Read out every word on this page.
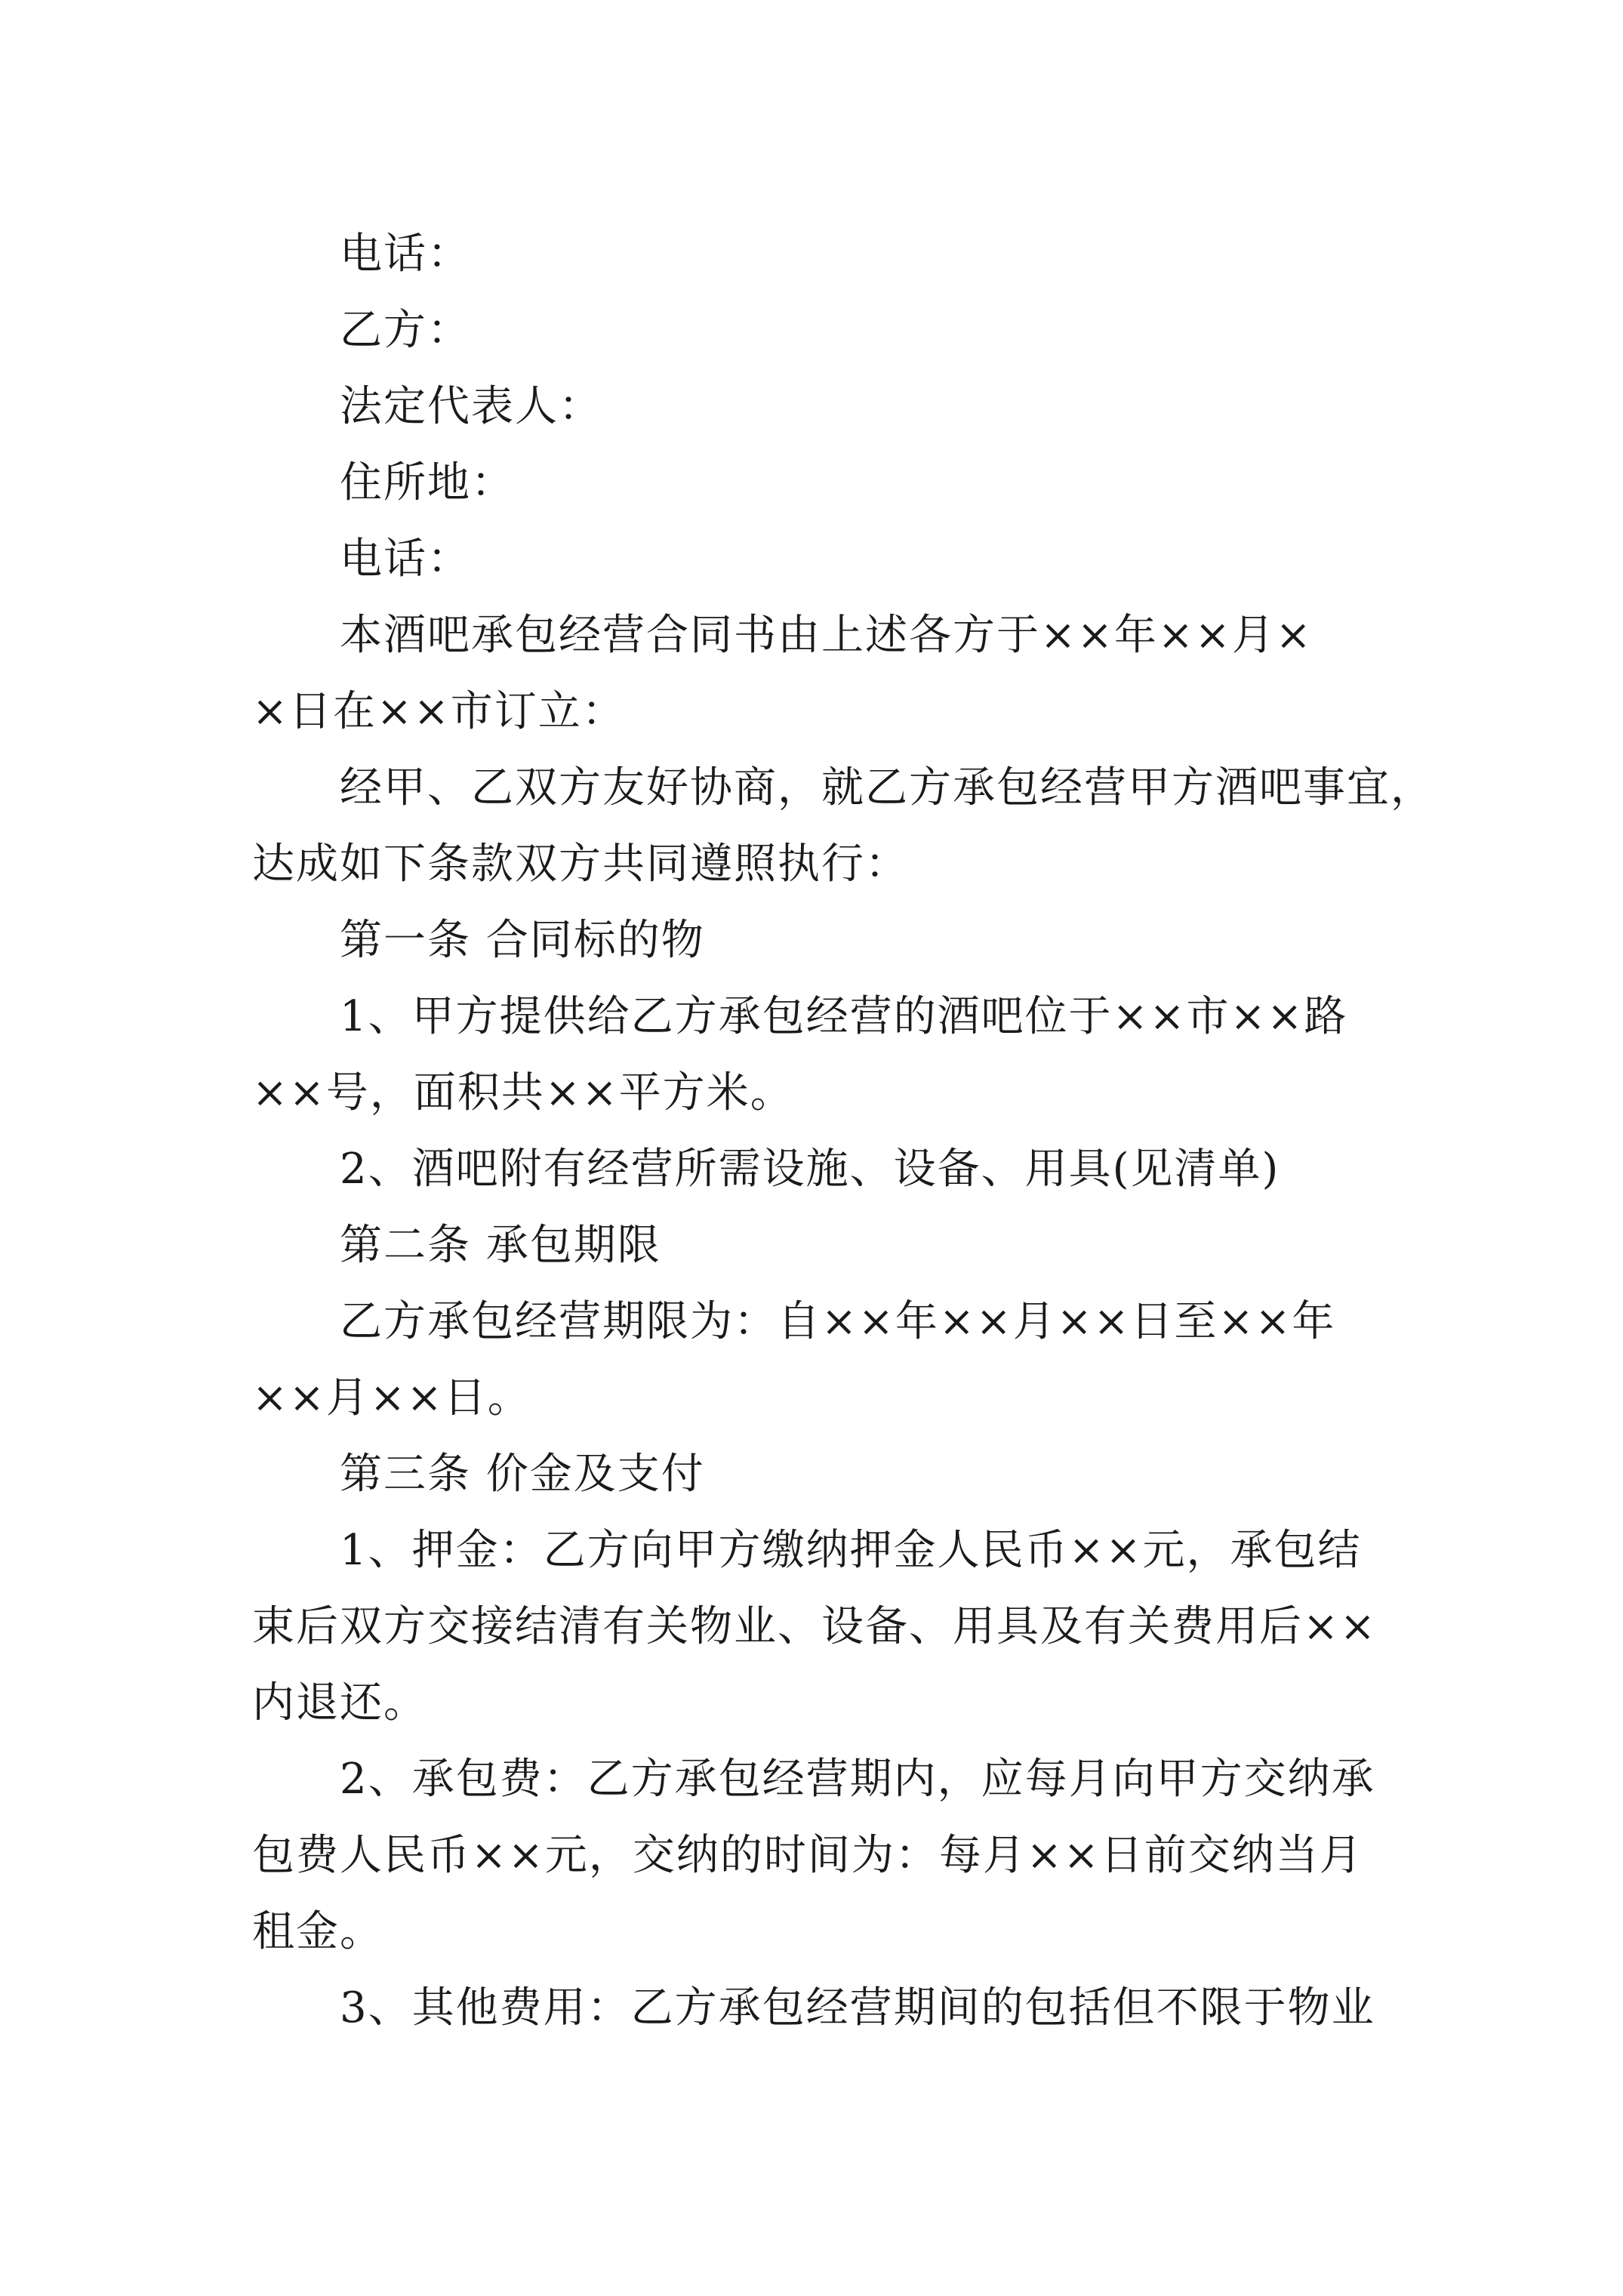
电话：
乙方：
法定代表人：
住所地：
电话：
本酒吧承包经营合同书由上述各方于××年××月×
×日在××市订立：
经甲、乙双方友好协商，就乙方承包经营甲方酒吧事宜，
达成如下条款双方共同遵照执行：
第一条 合同标的物
1、甲方提供给乙方承包经营的酒吧位于××市××路
××号，面积共××平方米。
2、酒吧附有经营所需设施、设备、用具(见清单)
第二条 承包期限
乙方承包经营期限为：自××年××月××日至××年
××月××日。
第三条 价金及支付
1、押金：乙方向甲方缴纳押金人民币××元，承包结
束后双方交接结清有关物业、设备、用具及有关费用后××
内退还。
2、承包费：乙方承包经营期内，应每月向甲方交纳承
包费人民币××元，交纳的时间为：每月××日前交纳当月
租金。
3、其他费用：乙方承包经营期间的包括但不限于物业
